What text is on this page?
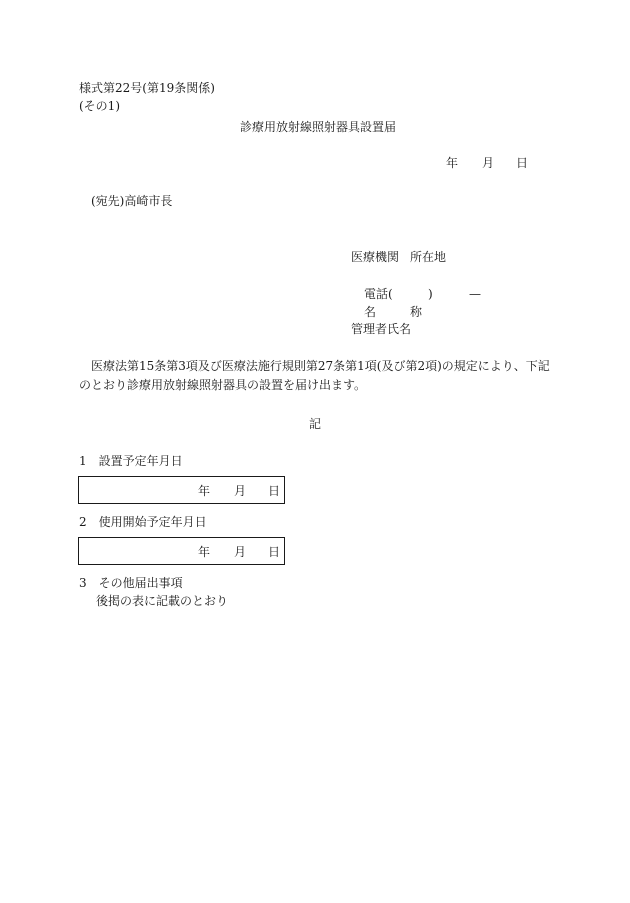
様式第22号(第19条関係)
(その1)
診療用放射線照射器具設置届
年 月 日
(宛先)高崎市長
医療機関 所在地
電話(	)	—
名	称
管理者氏名
医療法第15条第3項及び医療法施行規則第27条第1項(及び第2項)の規定により、下記のとおり診療用放射線照射器具の設置を届け出ます。
記
1　設置予定年月日
年 月 日
2　使用開始予定年月日
年 月 日
3　その他届出事項
後掲の表に記載のとおり
